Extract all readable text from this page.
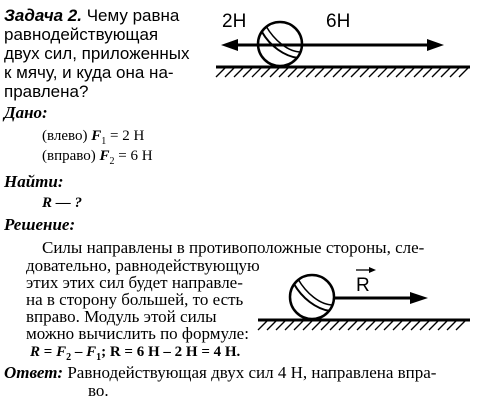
Задача 2. Чему равна
равнодействующая
двух сил, приложенных
к мячу, и куда она на-
правлена?
2Н	6Н
Дано:
(влево) $F_1 = 2$ Н
(вправо) $F_2 = 6$ Н
Найти:
R — ?
Решение:
Силы направлены в противоположные стороны, сле-
довательно, равнодействующую
этих этих сил будет направле-
на в сторону большей, то есть
вправо. Модуль этой силы
можно вычислить по формуле:
$R = F_2 - F_1$; R = 6 Н – 2 Н = 4 Н.
R
Ответ: Равнодействующая двух сил 4 Н, направлена впра-
во.
